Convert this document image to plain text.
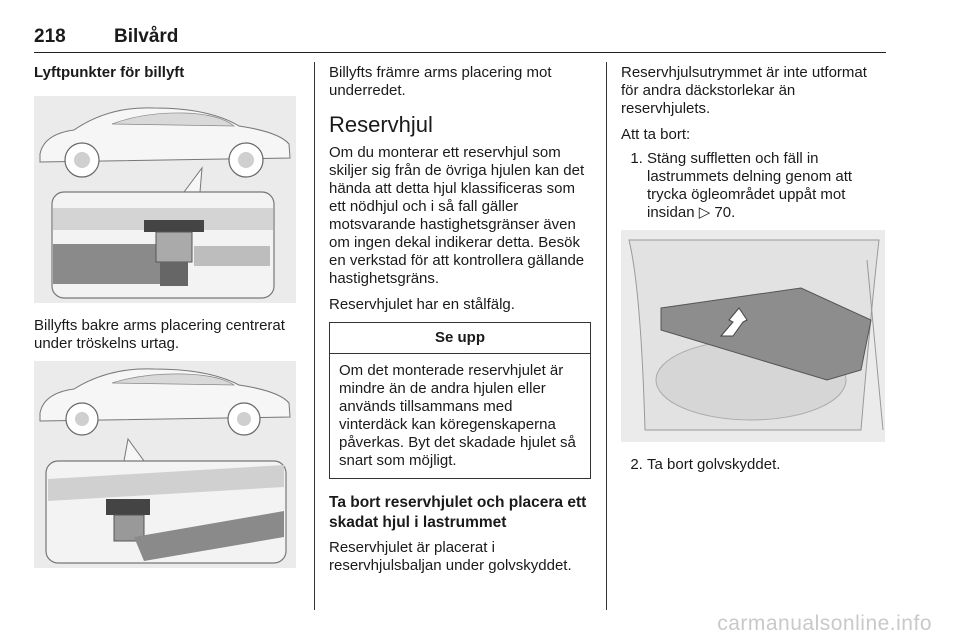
218	Bilvård
Lyftpunkter för billyft

Billyfts bakre arms placering centrerat under tröskelns urtag.

Billyfts främre arms placering mot underredet.

Reservhjul

Om du monterar ett reservhjul som skiljer sig från de övriga hjulen kan det hända att detta hjul klassificeras som ett nödhjul och i så fall gäller motsvarande hastighetsgränser även om ingen dekal indikerar detta. Besök en verkstad för att kontrollera gällande hastighetsgräns.

Reservhjulet har en stålfälg.

Se upp
Om det monterade reservhjulet är mindre än de andra hjulen eller används tillsammans med vinterdäck kan köregenskaperna påverkas. Byt det skadade hjulet så snart som möjligt.
Ta bort reservhjulet och placera ett skadat hjul i lastrummet

Reservhjulet är placerat i reservhjulsbaljan under golvskyddet.

Reservhjulsutrymmet är inte utformat för andra däckstorlekar än reservhjulets.

Att ta bort:

1. Stäng suffletten och fäll in lastrummets delning genom att trycka ögleområdet uppåt mot insidan ▷ 70.
2. Ta bort golvskyddet.
carmanualsonline.info
